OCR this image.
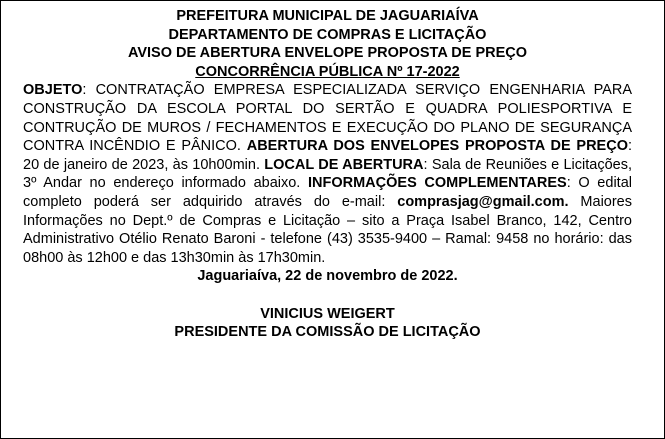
PREFEITURA MUNICIPAL DE JAGUARIAÍVA
DEPARTAMENTO DE COMPRAS E LICITAÇÃO
AVISO DE ABERTURA ENVELOPE PROPOSTA DE PREÇO
CONCORRÊNCIA PÚBLICA Nº 17-2022
OBJETO: CONTRATAÇÃO EMPRESA ESPECIALIZADA SERVIÇO ENGENHARIA PARA CONSTRUÇÃO DA ESCOLA PORTAL DO SERTÃO E QUADRA POLIESPORTIVA E CONTRUÇÃO DE MUROS / FECHAMENTOS E EXECUÇÃO DO PLANO DE SEGURANÇA CONTRA INCÊNDIO E PÂNICO. ABERTURA DOS ENVELOPES PROPOSTA DE PREÇO: 20 de janeiro de 2023, às 10h00min. LOCAL DE ABERTURA: Sala de Reuniões e Licitações, 3º Andar no endereço informado abaixo. INFORMAÇÕES COMPLEMENTARES: O edital completo poderá ser adquirido através do e-mail: comprasjag@gmail.com. Maiores Informações no Dept.º de Compras e Licitação – sito a Praça Isabel Branco, 142, Centro Administrativo Otélio Renato Baroni - telefone (43) 3535-9400 – Ramal: 9458 no horário: das 08h00 às 12h00 e das 13h30min às 17h30min.
Jaguariaíva, 22 de novembro de 2022.
VINICIUS WEIGERT
PRESIDENTE DA COMISSÃO DE LICITAÇÃO
